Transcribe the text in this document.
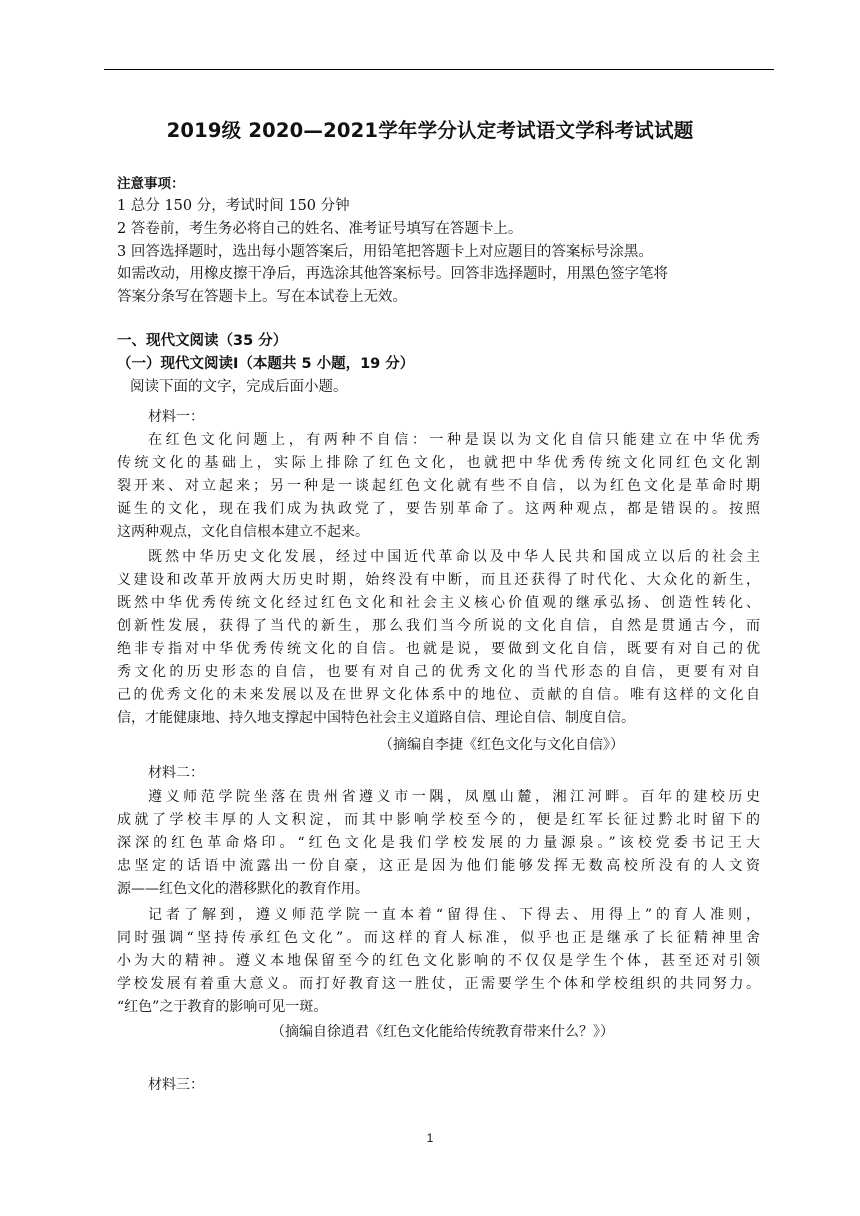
2019级 2020—2021学年学分认定考试语文学科考试试题
注意事项：
1 总分 150 分，考试时间 150 分钟
2 答卷前，考生务必将自己的姓名、准考证号填写在答题卡上。
3 回答选择题时，选出每小题答案后，用铅笔把答题卡上对应题目的答案标号涂黑。
如需改动，用橡皮擦干净后，再选涂其他答案标号。回答非选择题时，用黑色签字笔将
答案分条写在答题卡上。写在本试卷上无效。
一、现代文阅读（35 分）
（一）现代文阅读Ⅰ（本题共 5 小题，19 分）
阅读下面的文字，完成后面小题。
材料一：
在红色文化问题上，有两种不自信：一种是误以为文化自信只能建立在中华优秀
传统文化的基础上，实际上排除了红色文化，也就把中华优秀传统文化同红色文化割
裂开来、对立起来；另一种是一谈起红色文化就有些不自信，以为红色文化是革命时期
诞生的文化，现在我们成为执政党了，要告别革命了。这两种观点，都是错误的。按照
这两种观点，文化自信根本建立不起来。
既然中华历史文化发展，经过中国近代革命以及中华人民共和国成立以后的社会主
义建设和改革开放两大历史时期，始终没有中断，而且还获得了时代化、大众化的新生，
既然中华优秀传统文化经过红色文化和社会主义核心价值观的继承弘扬、创造性转化、
创新性发展，获得了当代的新生，那么我们当今所说的文化自信，自然是贯通古今，而
绝非专指对中华优秀传统文化的自信。也就是说，要做到文化自信，既要有对自己的优
秀文化的历史形态的自信，也要有对自己的优秀文化的当代形态的自信，更要有对自
己的优秀文化的未来发展以及在世界文化体系中的地位、贡献的自信。唯有这样的文化自
信，才能健康地、持久地支撑起中国特色社会主义道路自信、理论自信、制度自信。
（摘编自李捷《红色文化与文化自信》）
材料二：
遵义师范学院坐落在贵州省遵义市一隅，凤凰山麓，湘江河畔。百年的建校历史
成就了学校丰厚的人文积淀，而其中影响学校至今的，便是红军长征过黔北时留下的
深深的红色革命烙印。“红色文化是我们学校发展的力量源泉。”该校党委书记王大
忠坚定的话语中流露出一份自豪，这正是因为他们能够发挥无数高校所没有的人文资
源——红色文化的潜移默化的教育作用。
记者了解到，遵义师范学院一直本着“留得住、下得去、用得上”的育人准则，
同时强调“坚持传承红色文化”。而这样的育人标准，似乎也正是继承了长征精神里舍
小为大的精神。遵义本地保留至今的红色文化影响的不仅仅是学生个体，甚至还对引领
学校发展有着重大意义。而打好教育这一胜仗，正需要学生个体和学校组织的共同努力。
“红色”之于教育的影响可见一斑。
（摘编自徐逍君《红色文化能给传统教育带来什么？》）
材料三：
1
